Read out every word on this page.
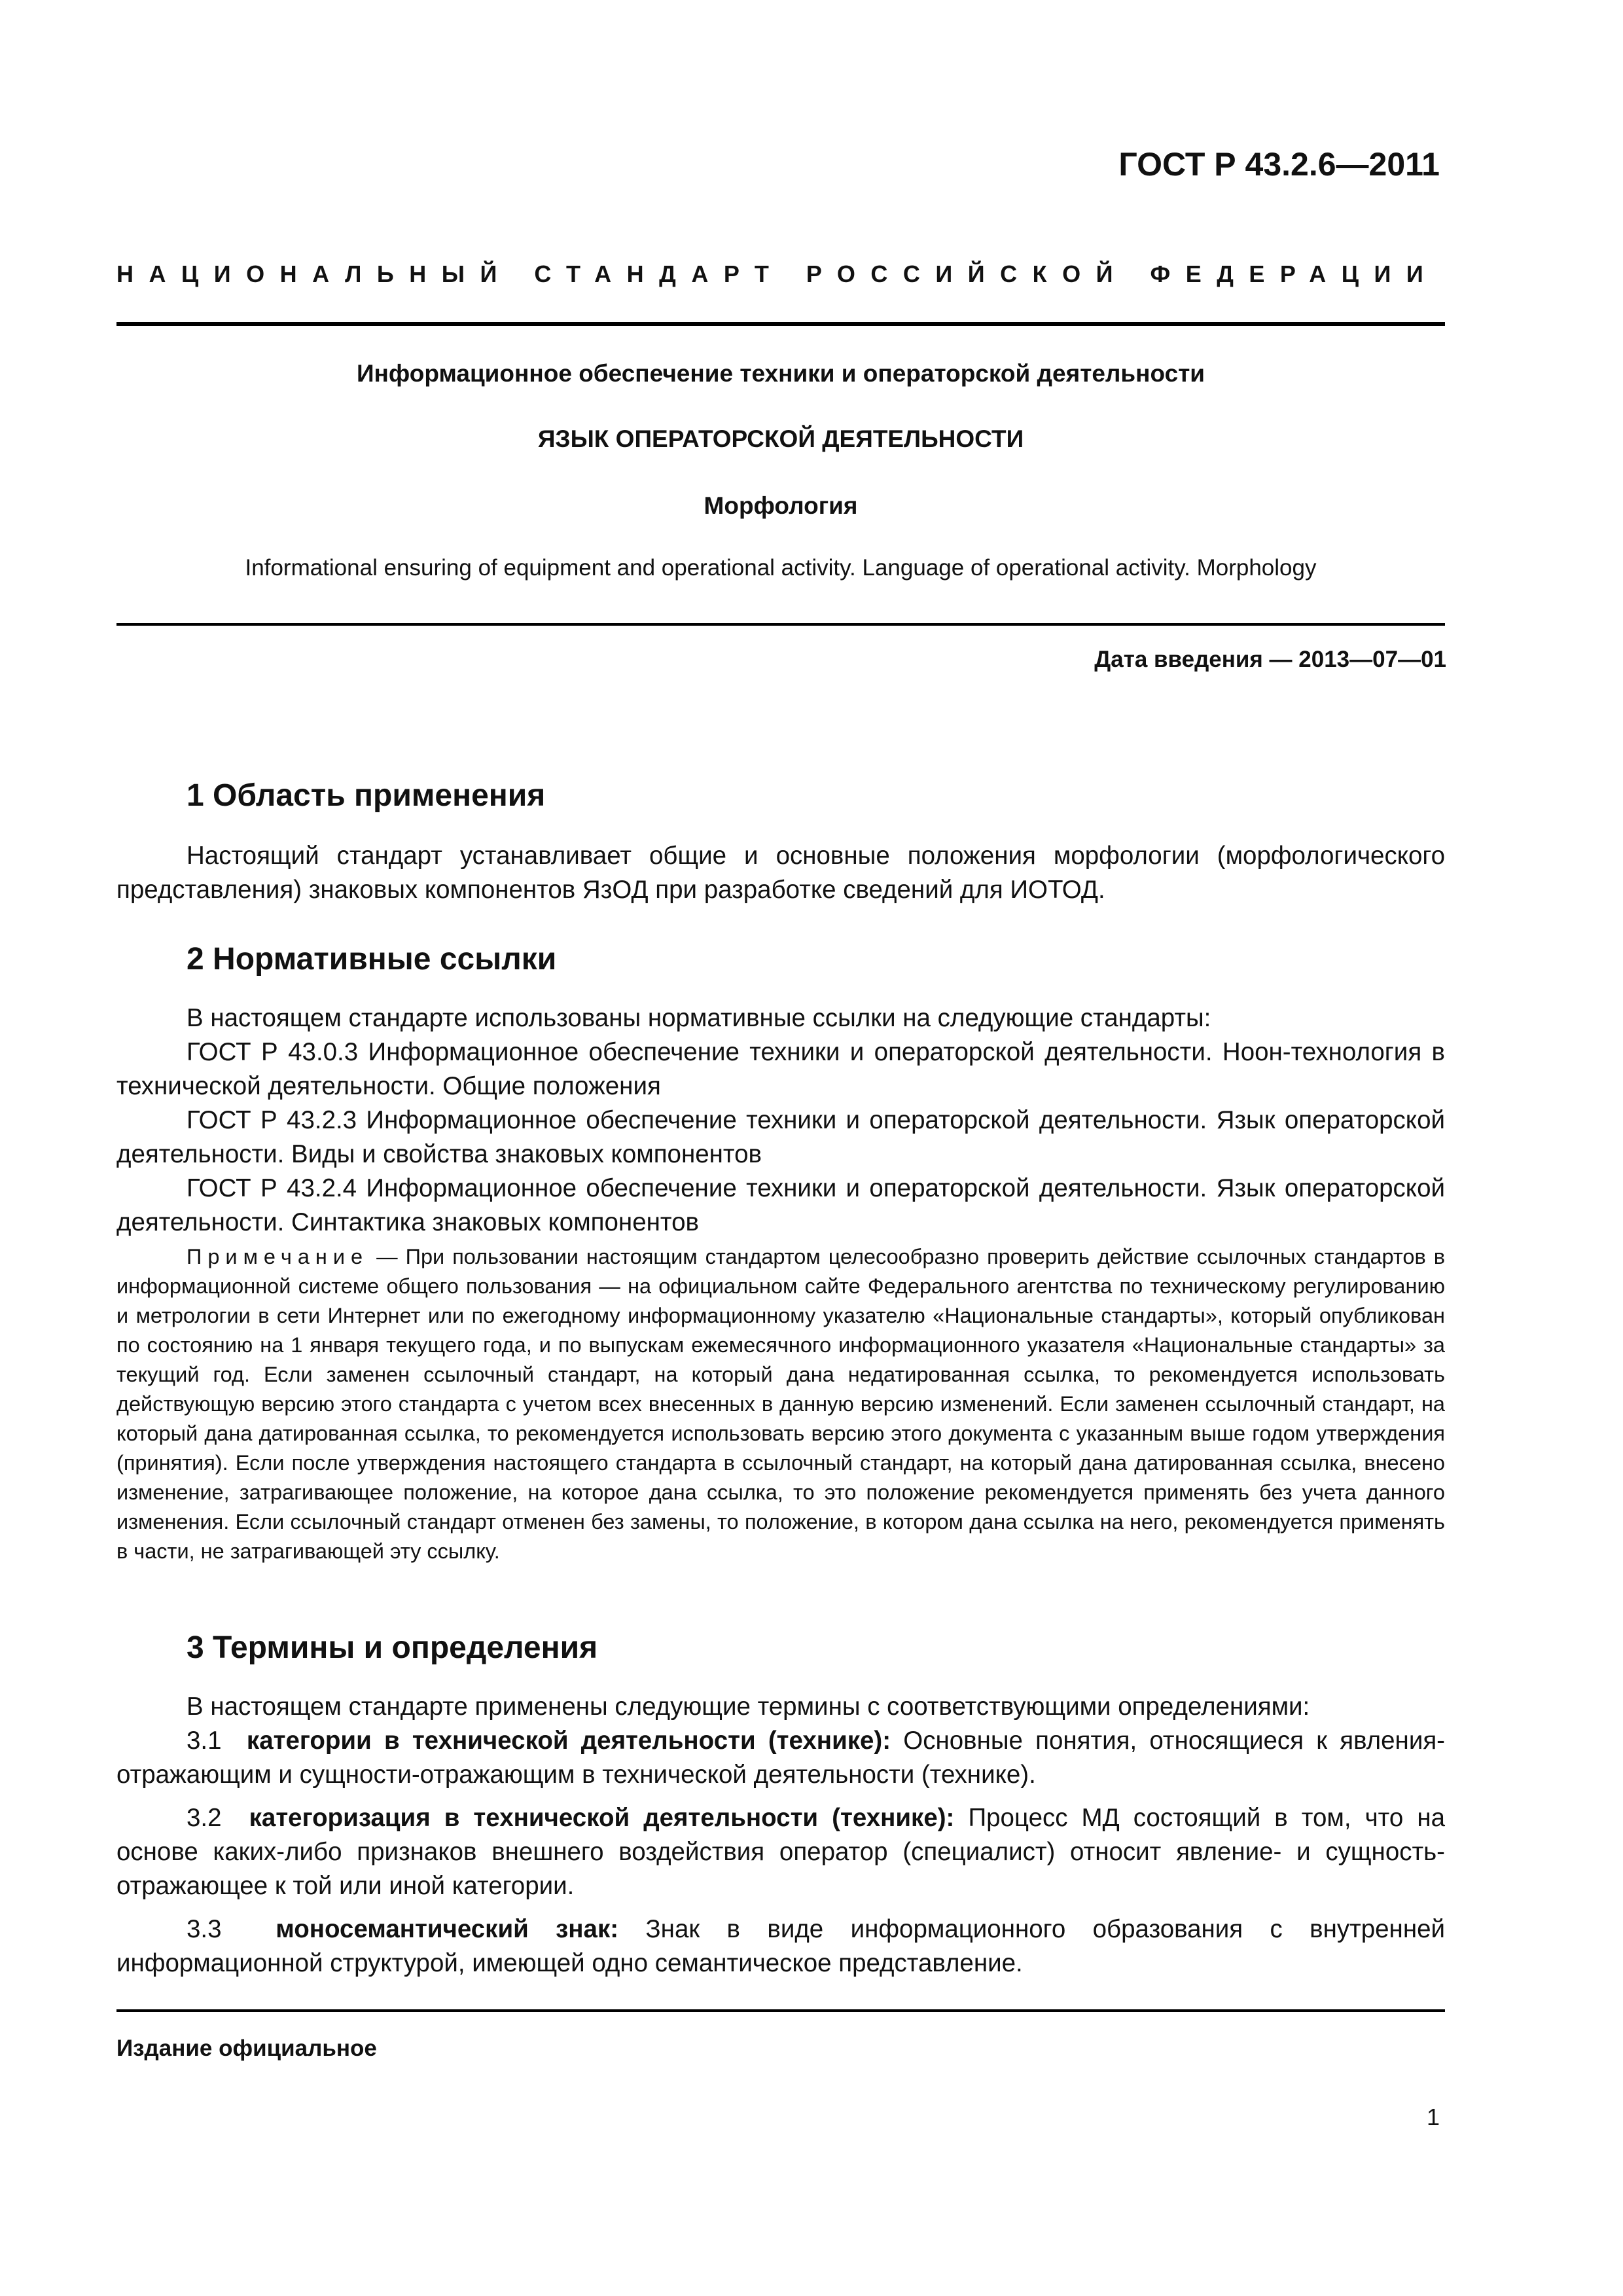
ГОСТ Р 43.2.6—2011
НАЦИОНАЛЬНЫЙ СТАНДАРТ РОССИЙСКОЙ ФЕДЕРАЦИИ
Информационное обеспечение техники и операторской деятельности
ЯЗЫК ОПЕРАТОРСКОЙ ДЕЯТЕЛЬНОСТИ
Морфология
Informational ensuring of equipment and operational activity. Language of operational activity. Morphology
Дата введения — 2013—07—01
1 Область применения
Настоящий стандарт устанавливает общие и основные положения морфологии (морфологического представления) знаковых компонентов ЯзОД при разработке сведений для ИОТОД.
2 Нормативные ссылки
В настоящем стандарте использованы нормативные ссылки на следующие стандарты:
ГОСТ Р 43.0.3 Информационное обеспечение техники и операторской деятельности. Ноон-технология в технической деятельности. Общие положения
ГОСТ Р 43.2.3 Информационное обеспечение техники и операторской деятельности. Язык операторской деятельности. Виды и свойства знаковых компонентов
ГОСТ Р 43.2.4 Информационное обеспечение техники и операторской деятельности. Язык операторской деятельности. Синтактика знаковых компонентов
Примечание — При пользовании настоящим стандартом целесообразно проверить действие ссылочных стандартов в информационной системе общего пользования — на официальном сайте Федерального агентства по техническому регулированию и метрологии в сети Интернет или по ежегодному информационному указателю «Национальные стандарты», который опубликован по состоянию на 1 января текущего года, и по выпускам ежемесячного информационного указателя «Национальные стандарты» за текущий год. Если заменен ссылочный стандарт, на который дана недатированная ссылка, то рекомендуется использовать действующую версию этого стандарта с учетом всех внесенных в данную версию изменений. Если заменен ссылочный стандарт, на который дана датированная ссылка, то рекомендуется использовать версию этого документа с указанным выше годом утверждения (принятия). Если после утверждения настоящего стандарта в ссылочный стандарт, на который дана датированная ссылка, внесено изменение, затрагивающее положение, на которое дана ссылка, то это положение рекомендуется применять без учета данного изменения. Если ссылочный стандарт отменен без замены, то положение, в котором дана ссылка на него, рекомендуется применять в части, не затрагивающей эту ссылку.
3 Термины и определения
В настоящем стандарте применены следующие термины с соответствующими определениями:
3.1 категории в технической деятельности (технике): Основные понятия, относящиеся к явления-отражающим и сущности-отражающим в технической деятельности (технике).
3.2 категоризация в технической деятельности (технике): Процесс МД состоящий в том, что на основе каких-либо признаков внешнего воздействия оператор (специалист) относит явление- и сущность-отражающее к той или иной категории.
3.3 моносемантический знак: Знак в виде информационного образования с внутренней информационной структурой, имеющей одно семантическое представление.
Издание официальное
1
